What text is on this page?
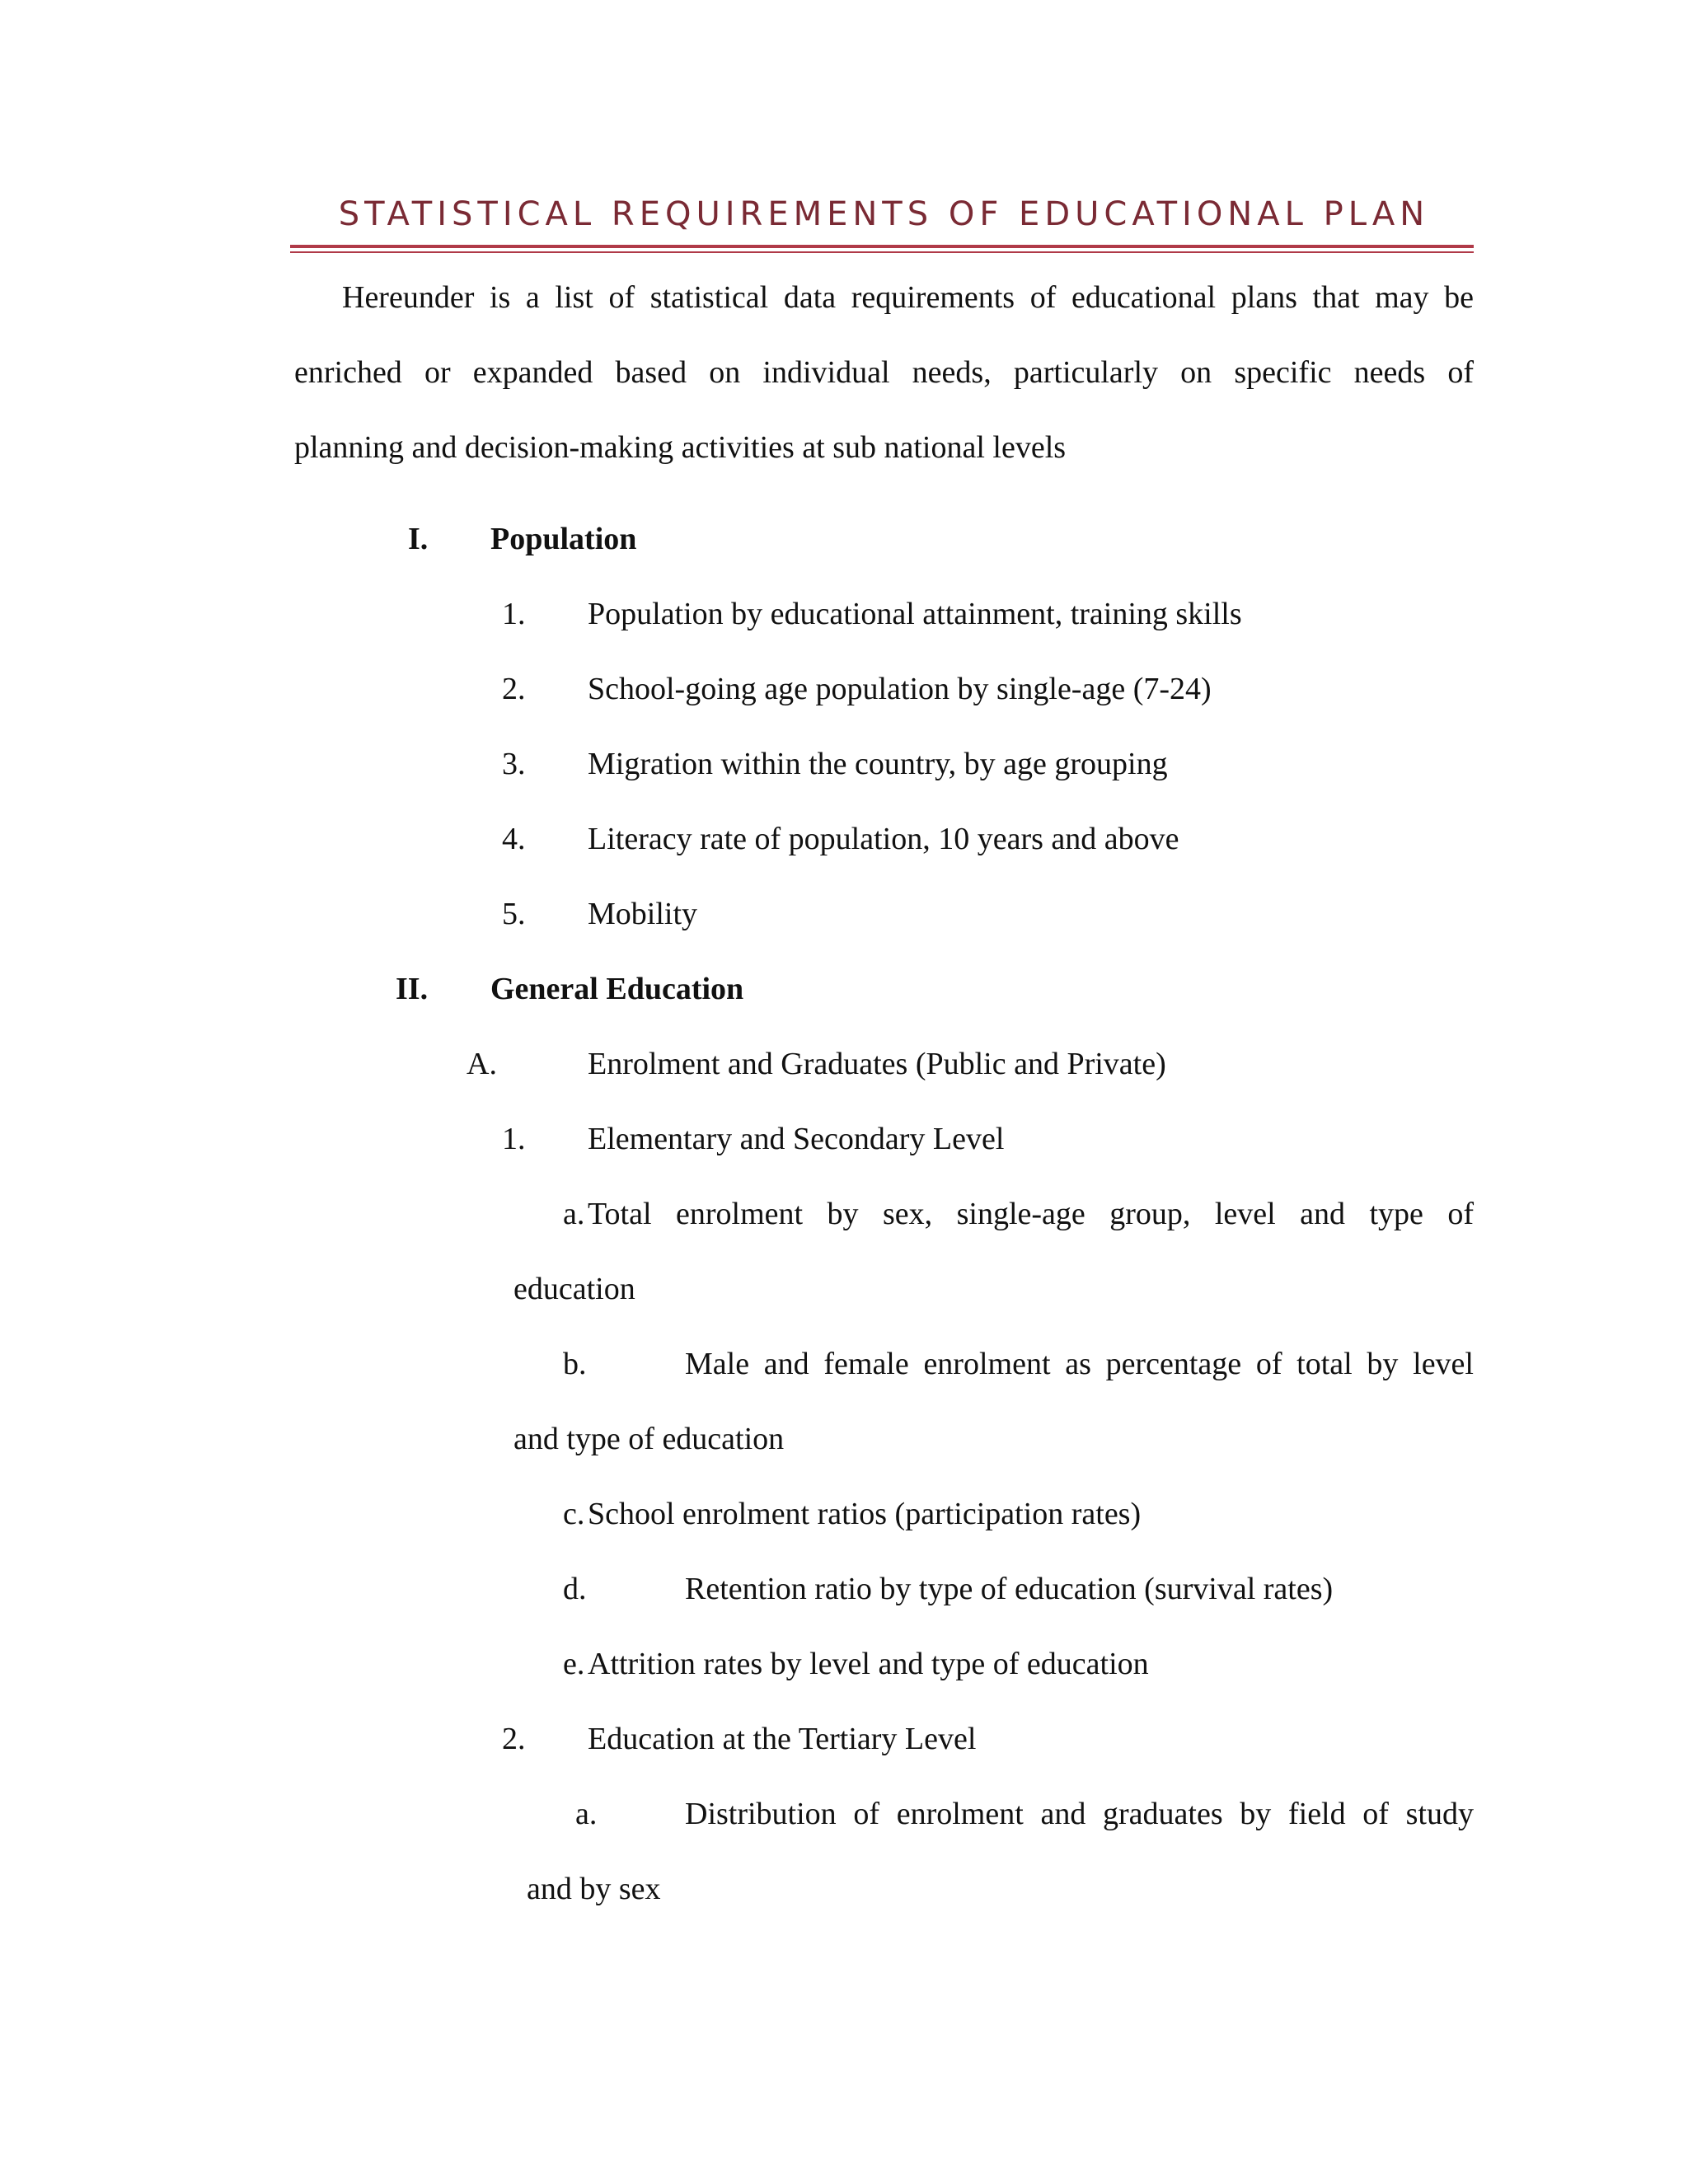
STATISTICAL REQUIREMENTS OF EDUCATIONAL PLAN
Hereunder is a list of statistical data requirements of educational plans that may be
enriched or expanded based on individual needs, particularly on specific needs of
planning and decision-making activities at sub national levels
I. Population
1. Population by educational attainment, training skills
2. School-going age population by single-age (7-24)
3. Migration within the country, by age grouping
4. Literacy rate of population, 10 years and above
5. Mobility
II. General Education
A.	Enrolment and Graduates (Public and Private)
1. Elementary and Secondary Level
a. Total enrolment by sex, single-age group, level and type of
education
b.	Male and female enrolment as percentage of total by level
and type of education
c. School enrolment ratios (participation rates)
d.	Retention ratio by type of education (survival rates)
e. Attrition rates by level and type of education
2. Education at the Tertiary Level
a.	Distribution of enrolment and graduates by field of study
and by sex
